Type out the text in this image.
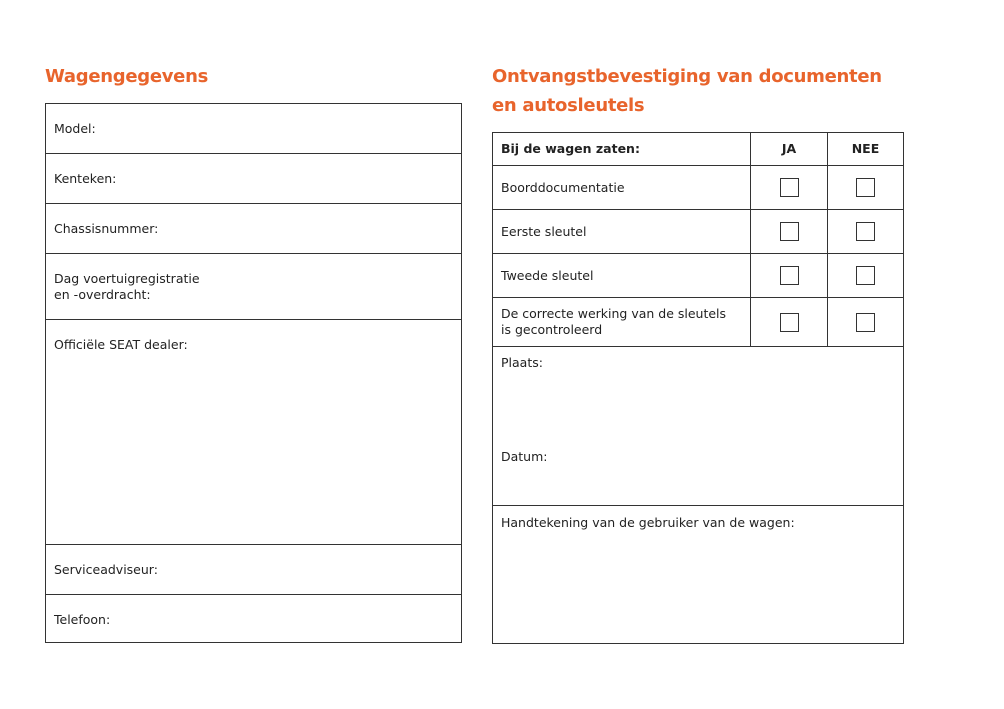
Wagengegevens	Ontvangstbevestiging van documenten
en autosleutels
Model:
Kenteken:
Chassisnummer:
Dag voertuigregistratie
en -overdracht:
Officiële SEAT dealer:
Serviceadviseur:
Telefoon:
Bij de wagen zaten:	JA	NEE
Boorddocumentatie
Eerste sleutel
Tweede sleutel
De correcte werking van de sleutels
is gecontroleerd
Plaats:
Datum:
Handtekening van de gebruiker van de wagen:
